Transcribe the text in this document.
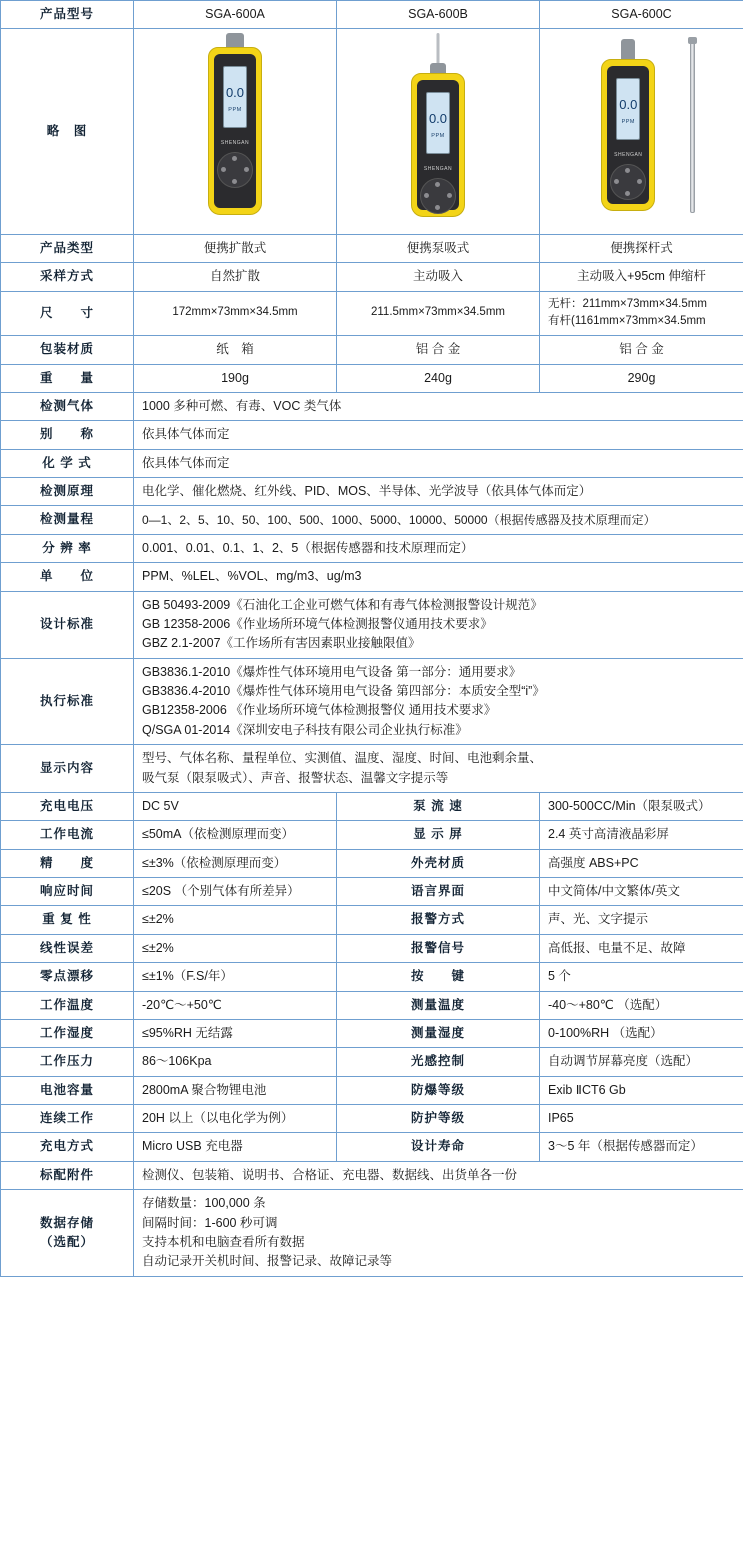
产品型号	SGA-600A	SGA-600B	SGA-600C
略　图	
0.0
PPM
SHENGAN

0.0
PPM
SHENGAN

0.0
PPM
SHENGAN

产品类型	便携扩散式	便携泵吸式	便携探杆式
采样方式	自然扩散	主动吸入	主动吸入+95cm 伸缩杆
尺　　寸	172mm×73mm×34.5mm	211.5mm×73mm×34.5mm	无杆：211mm×73mm×34.5mm
有杆(1161mm×73mm×34.5mm

包装材质	纸　箱	铝 合 金	铝 合 金
重　　量	190g	240g	290g
检测气体	1000 多种可燃、有毒、VOC 类气体		
别　　称	依具体气体而定		
化 学 式	依具体气体而定		
检测原理	电化学、催化燃烧、红外线、PID、MOS、半导体、光学波导（依具体气体而定）		
检测量程	0—1、2、5、10、50、100、500、1000、5000、10000、50000（根据传感器及技术原理而定）		
分 辨 率	0.001、0.01、0.1、1、2、5（根据传感器和技术原理而定）		
单　　位	PPM、%LEL、%VOL、mg/m3、ug/m3		
设计标准	GB 50493-2009《石油化工企业可燃气体和有毒气体检测报警设计规范》
GB 12358-2006《作业场所环境气体检测报警仪通用技术要求》
GBZ 2.1-2007《工作场所有害因素职业接触限值》		

执行标准	GB3836.1-2010《爆炸性气体环境用电气设备 第一部分：通用要求》
GB3836.4-2010《爆炸性气体环境用电气设备 第四部分：本质安全型“i”》
GB12358-2006 《作业场所环境气体检测报警仪 通用技术要求》
Q/SGA 01-2014《深圳安电子科技有限公司企业执行标准》		

显示内容	型号、气体名称、量程单位、实测值、温度、湿度、时间、电池剩余量、
吸气泵（限泵吸式）、声音、报警状态、温馨文字提示等		

充电电压	DC 5V	泵 流 速	300-500CC/Min（限泵吸式）
工作电流	≤50mA（依检测原理而变）	显 示 屏	2.4 英寸高清液晶彩屏
精　　度	≤±3%（依检测原理而变）	外壳材质	高强度 ABS+PC
响应时间	≤20S （个别气体有所差异）	语言界面	中文简体/中文繁体/英文
重 复 性	≤±2%	报警方式	声、光、文字提示
线性误差	≤±2%	报警信号	高低报、电量不足、故障
零点漂移	≤±1%（F.S/年）	按　　键	5 个
工作温度	-20℃～+50℃	测量温度	-40～+80℃ （选配）
工作湿度	≤95%RH 无结露	测量湿度	0-100%RH （选配）
工作压力	86～106Kpa	光感控制	自动调节屏幕亮度（选配）
电池容量	2800mA 聚合物锂电池	防爆等级	Exib ⅡCT6 Gb
连续工作	20H 以上（以电化学为例）	防护等级	IP65
充电方式	Micro USB 充电器	设计寿命	3～5 年（根据传感器而定）
标配附件	检测仪、包装箱、说明书、合格证、充电器、数据线、出货单各一份		

数据存储
（选配）	存储数量：100,000 条
间隔时间：1-600 秒可调
支持本机和电脑查看所有数据
自动记录开关机时间、报警记录、故障记录等		
